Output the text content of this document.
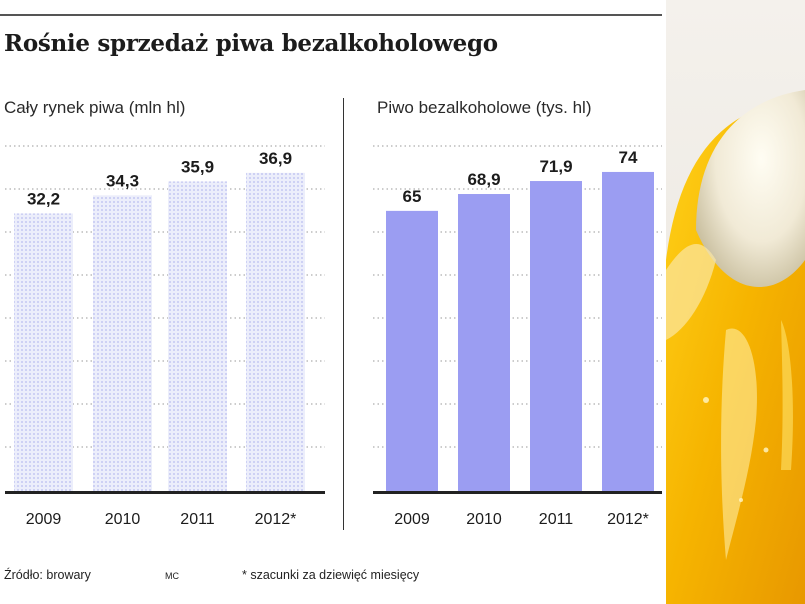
Rośnie sprzedaż piwa bezalkoholowego
Cały rynek piwa (mln hl)	Piwo bezalkoholowe (tys. hl)
32,2
2009
34,3
2010
35,9
2011
36,9
2012*
65
2009
68,9
2010
71,9
2011
74
2012*
Źródło: browary	MC	* szacunki za dziewięć miesięcy
